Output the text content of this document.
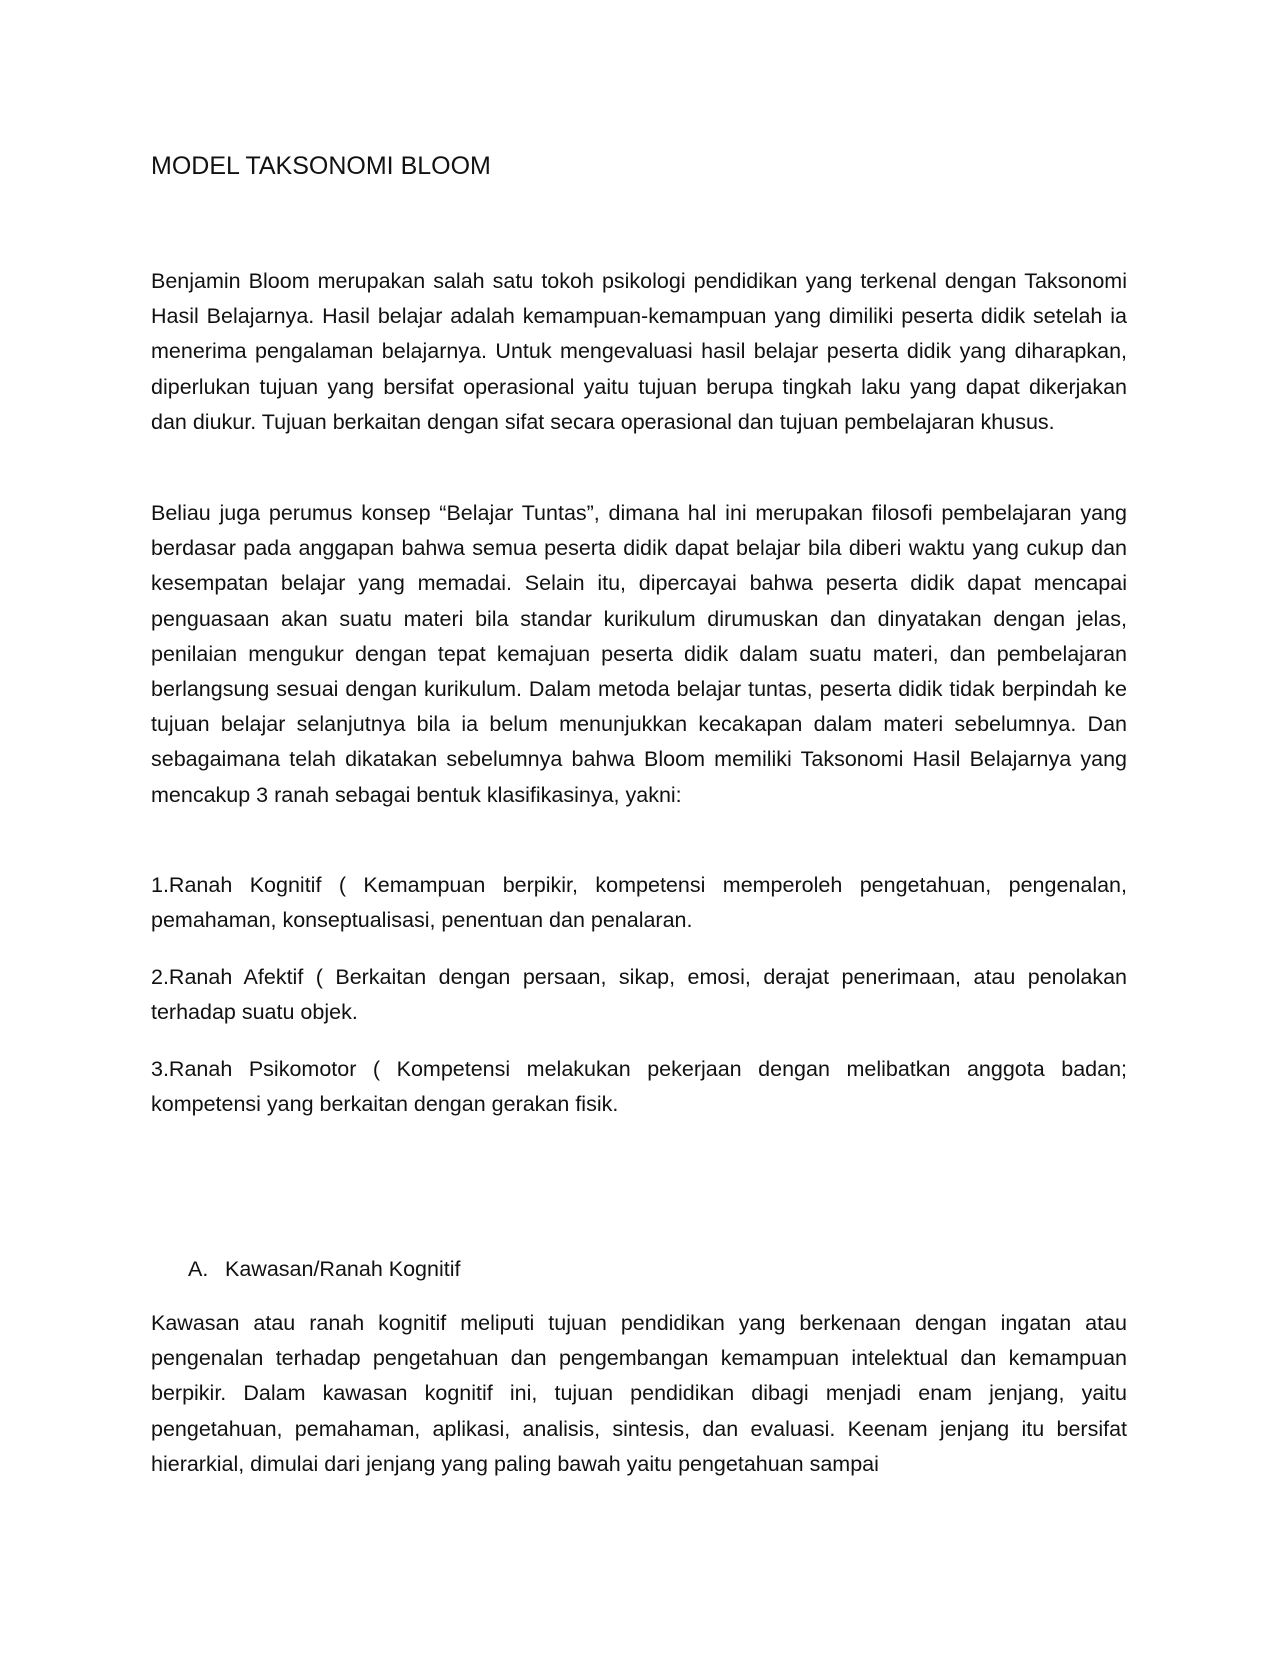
MODEL TAKSONOMI BLOOM

Benjamin Bloom merupakan salah satu tokoh psikologi pendidikan yang terkenal dengan Taksonomi Hasil Belajarnya. Hasil belajar adalah kemampuan-kemampuan yang dimiliki peserta didik setelah ia menerima pengalaman belajarnya. Untuk mengevaluasi hasil belajar peserta didik yang diharapkan, diperlukan tujuan yang bersifat operasional yaitu tujuan berupa tingkah laku yang dapat dikerjakan dan diukur. Tujuan berkaitan dengan sifat secara operasional dan tujuan pembelajaran khusus.

Beliau juga perumus konsep “Belajar Tuntas”, dimana hal ini merupakan filosofi pembelajaran yang berdasar pada anggapan bahwa semua peserta didik dapat belajar bila diberi waktu yang cukup dan kesempatan belajar yang memadai. Selain itu, dipercayai bahwa peserta didik dapat mencapai penguasaan akan suatu materi bila standar kurikulum dirumuskan dan dinyatakan dengan jelas, penilaian mengukur dengan tepat kemajuan peserta didik dalam suatu materi, dan pembelajaran berlangsung sesuai dengan kurikulum. Dalam metoda belajar tuntas, peserta didik tidak berpindah ke tujuan belajar selanjutnya bila ia belum menunjukkan kecakapan dalam materi sebelumnya. Dan sebagaimana telah dikatakan sebelumnya bahwa Bloom memiliki Taksonomi Hasil Belajarnya yang mencakup 3 ranah sebagai bentuk klasifikasinya, yakni:

1.Ranah Kognitif ( Kemampuan berpikir, kompetensi memperoleh pengetahuan, pengenalan, pemahaman, konseptualisasi, penentuan dan penalaran.

2.Ranah Afektif ( Berkaitan dengan persaan, sikap, emosi, derajat penerimaan, atau penolakan terhadap suatu objek.

3.Ranah Psikomotor ( Kompetensi melakukan pekerjaan dengan melibatkan anggota badan; kompetensi yang berkaitan dengan gerakan fisik.

A. Kawasan/Ranah Kognitif

Kawasan atau ranah kognitif meliputi tujuan pendidikan yang berkenaan dengan ingatan atau pengenalan terhadap pengetahuan dan pengembangan kemampuan intelektual dan kemampuan berpikir. Dalam kawasan kognitif ini, tujuan pendidikan dibagi menjadi enam jenjang, yaitu pengetahuan, pemahaman, aplikasi, analisis, sintesis, dan evaluasi. Keenam jenjang itu bersifat hierarkial, dimulai dari jenjang yang paling bawah yaitu pengetahuan sampai
